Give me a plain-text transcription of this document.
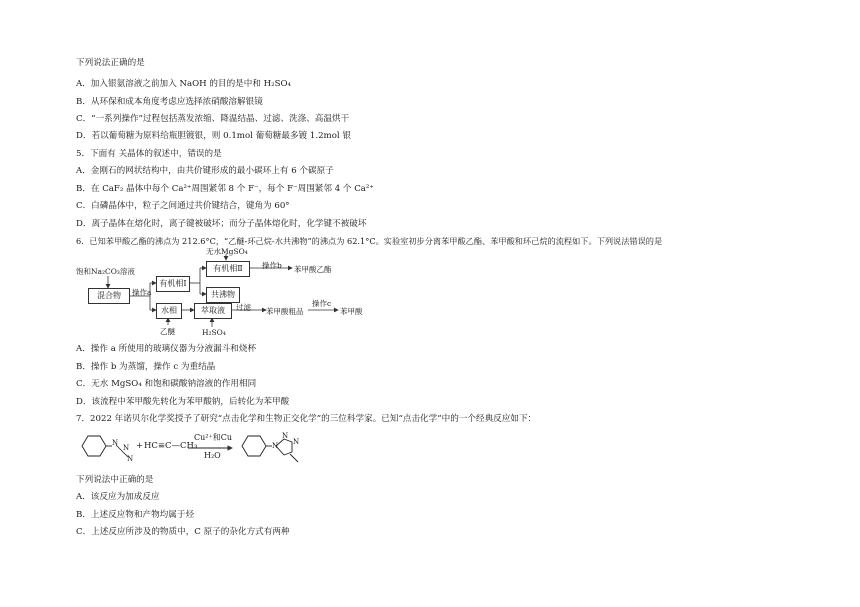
下列说法正确的是
A．加入银氨溶液之前加入 NaOH 的目的是中和 H₂SO₄
B．从环保和成本角度考虑应选择浓硝酸溶解银镜
C．“一系列操作”过程包括蒸发浓缩、降温结晶、过滤、洗涤、高温烘干
D．若以葡萄糖为原料给瓶胆镀银，则 0.1mol 葡萄糖最多镀 1.2mol 银
5．下面有 关晶体的叙述中，错误的是
A．金刚石的网状结构中，由共价键形成的最小碳环上有 6 个碳原子
B．在 CaF₂ 晶体中每个 Ca²⁺周围紧邻 8 个 F⁻，每个 F⁻周围紧邻 4 个 Ca²⁺
C．白磷晶体中，粒子之间通过共价键结合，键角为 60°
D．离子晶体在熔化时，离子键被破坏；而分子晶体熔化时，化学键不被破坏
6．已知苯甲酸乙酯的沸点为 212.6°C，“乙醚-环己烷-水共沸物”的沸点为 62.1°C。实验室初步分离苯甲酸乙酯、苯甲酸和环己烷的流程如下。下列说法错误的是
饱和Na₂CO₃溶液
混合物	操作a
有机相Ⅰ
无水MgSO₄
有机相Ⅱ	操作b 苯甲酸乙酯
共沸物
水相
乙醚
萃取液
H₂SO₄
过滤 苯甲酸粗品
操作c
苯甲酸
A．操作 a 所使用的玻璃仪器为分液漏斗和烧杯
B．操作 b 为蒸馏，操作 c 为重结晶
C．无水 MgSO₄ 和饱和碳酸钠溶液的作用相同
D．该流程中苯甲酸先转化为苯甲酸钠，后转化为苯甲酸
7．2022 年诺贝尔化学奖授予了研究“点击化学和生物正交化学”的三位科学家。已知“点击化学”中的一个经典反应如下：
N
N
N
+ HC≡C—CH₃
Cu²⁺和Cu
H₂O
N
N
N
下列说法中正确的是
A．该反应为加成反应
B．上述反应物和产物均属于烃
C．上述反应所涉及的物质中，C 原子的杂化方式有两种
